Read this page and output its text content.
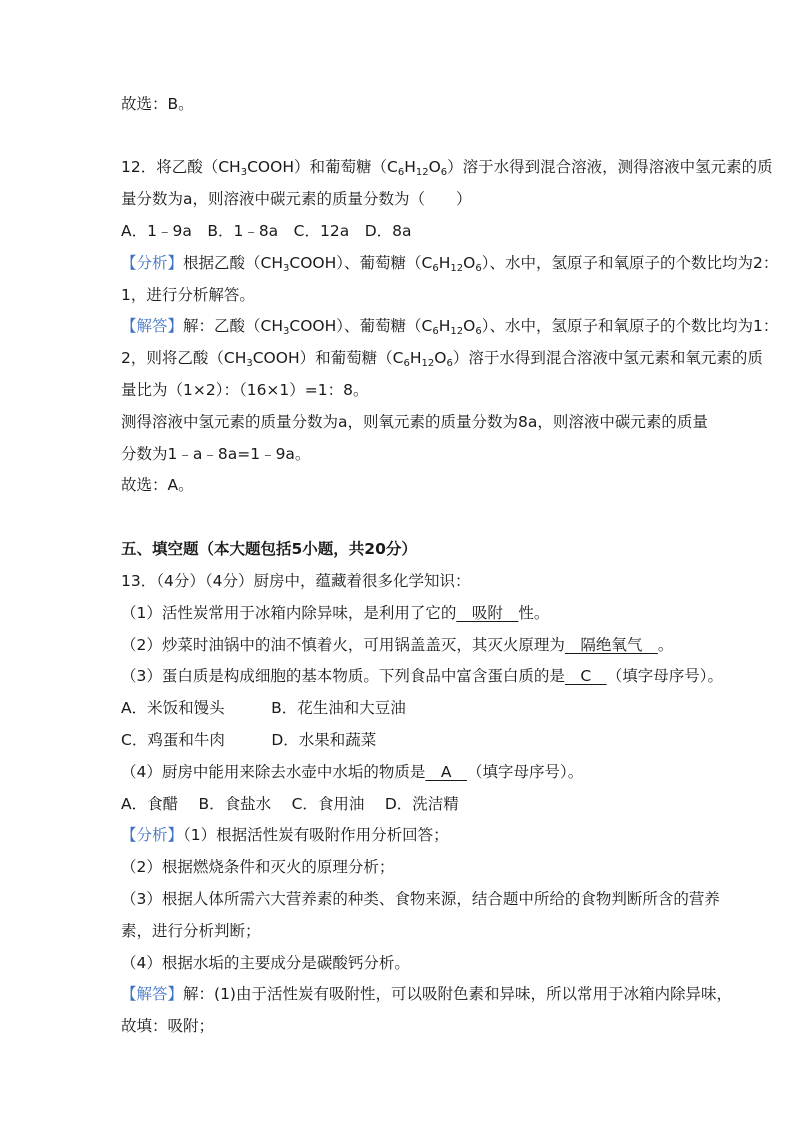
故选：B。
12．将乙酸$(CH_3COOH)$和葡萄糖$(C_6H_{12}O_6)$溶于水得到混合溶液，测得溶液中氢元素的质
量分数为a，则溶液中碳元素的质量分数为（　　）
A．1﹣9a　B．1﹣8a　C．12a　D．8a
【分析】根据乙酸$(CH_3COOH)$、葡萄糖$(C_6H_{12}O_6)$、水中，氢原子和氧原子的个数比均为2：
1，进行分析解答。
【解答】解：乙酸$(CH_3COOH)$、葡萄糖$(C_6H_{12}O_6)$、水中，氢原子和氧原子的个数比均为1：
2，则将乙酸$(CH_3COOH)$和葡萄糖$(C_6H_{12}O_6)$溶于水得到混合溶液中氢元素和氧元素的质
量比为（1×2）：（16×1）=1：8。
测得溶液中氢元素的质量分数为a，则氧元素的质量分数为8a，则溶液中碳元素的质量
分数为1﹣a﹣8a=1﹣9a。
故选：A。
五、填空题（本大题包括5小题，共20分）
13．（4分）（4分）厨房中，蕴藏着很多化学知识：
（1）活性炭常用于冰箱内除异味，是利用了它的　吸附　性。
（2）炒菜时油锅中的油不慎着火，可用锅盖盖灭，其灭火原理为　隔绝氧气　。
（3）蛋白质是构成细胞的基本物质。下列食品中富含蛋白质的是　C　（填字母序号）。
A．米饭和馒头　　　B．花生油和大豆油
C．鸡蛋和牛肉　　　D．水果和蔬菜
（4）厨房中能用来除去水壶中水垢的物质是　A　（填字母序号）。
A．食醋　 B．食盐水　 C．食用油　 D．洗洁精
【分析】（1）根据活性炭有吸附作用分析回答；
（2）根据燃烧条件和灭火的原理分析；
（3）根据人体所需六大营养素的种类、食物来源，结合题中所给的食物判断所含的营养
素，进行分析判断；
（4）根据水垢的主要成分是碳酸钙分析。
【解答】解：(1)由于活性炭有吸附性，可以吸附色素和异味，所以常用于冰箱内除异味，
故填：吸附；
